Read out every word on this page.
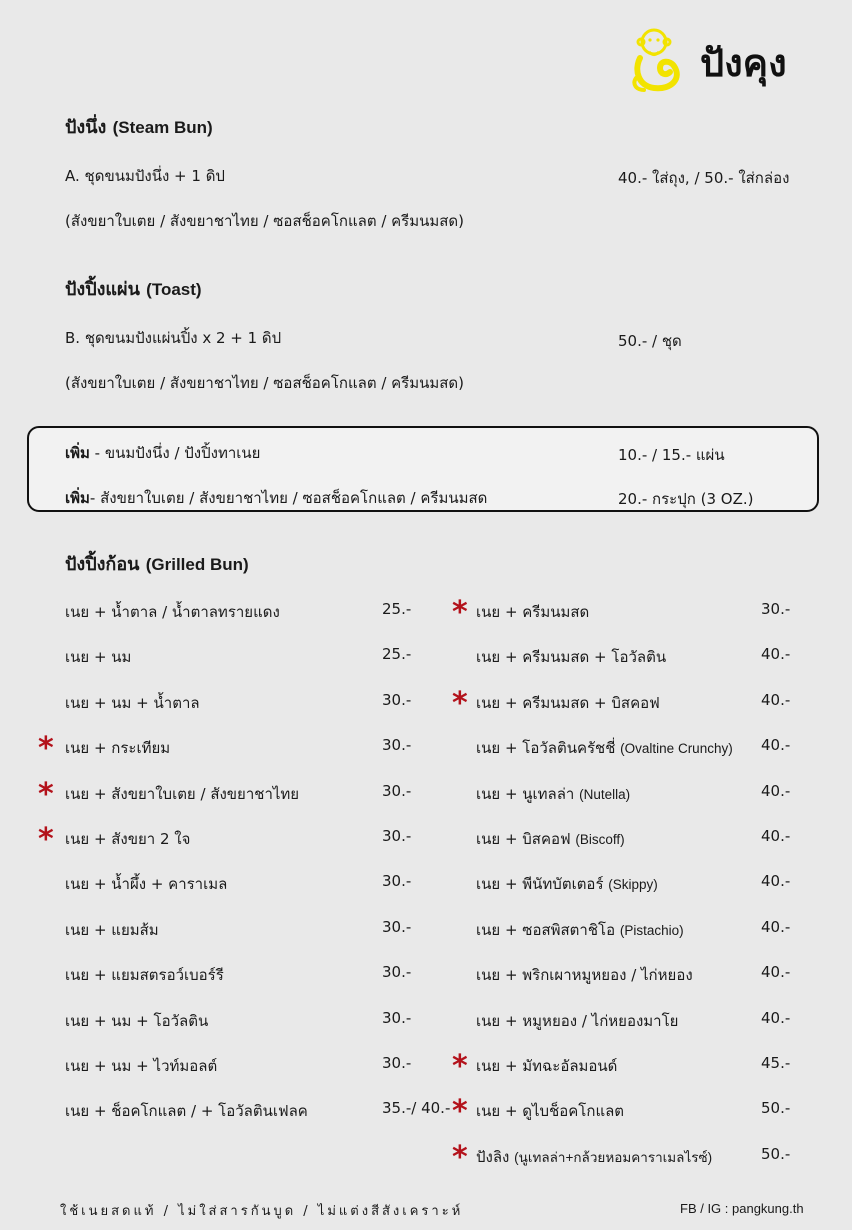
ปังคุง
ปังนึ่ง (Steam Bun)
A. ชุดขนมปังนึ่ง + 1 ดิป	40.- ใส่ถุง, / 50.- ใส่กล่อง
(สังขยาใบเตย / สังขยาชาไทย / ซอสช็อคโกแลต / ครีมนมสด)
ปังปิ้งแผ่น (Toast)
B. ชุดขนมปังแผ่นปิ้ง x 2 + 1 ดิป	50.- / ชุด
(สังขยาใบเตย / สังขยาชาไทย / ซอสช็อคโกแลต / ครีมนมสด)
เพิ่ม - ขนมปังนึ่ง / ปังปิ้งทาเนย	10.- / 15.- แผ่น
เพิ่ม- สังขยาใบเตย / สังขยาชาไทย / ซอสช็อคโกแลต / ครีมนมสด	20.- กระปุก (3 OZ.)
ปังปิ้งก้อน (Grilled Bun)
เนย + น้ำตาล / น้ำตาลทรายแดง	25.-
เนย + นม	25.-
เนย + นม + น้ำตาล	30.-
เนย + กระเทียม	30.-
*
เนย + สังขยาใบเตย / สังขยาชาไทย	30.-
*
เนย + สังขยา 2 ใจ	30.-
*
เนย + น้ำผึ้ง + คาราเมล	30.-
เนย + แยมส้ม	30.-
เนย + แยมสตรอว์เบอร์รี	30.-
เนย + นม + โอวัลติน	30.-
เนย + นม + ไวท์มอลต์	30.-
เนย + ช็อคโกแลต / + โอวัลตินเฟลค	35.-/ 40.-
เนย + ครีมนมสด	30.-
*
เนย + ครีมนมสด + โอวัลติน	40.-
เนย + ครีมนมสด + บิสคอฟ	40.-
*
เนย + โอวัลตินครัชชี่ (Ovaltine Crunchy) 40.-
เนย + นูเทลล่า (Nutella)	40.-
เนย + บิสคอฟ (Biscoff)	40.-
เนย + พีนัทบัตเตอร์ (Skippy)	40.-
เนย + ซอสพิสตาชิโอ (Pistachio)	40.-
เนย + พริกเผาหมูหยอง / ไก่หยอง	40.-
เนย + หมูหยอง / ไก่หยองมาโย	40.-
เนย + มัทฉะอัลมอนด์	45.-
*
เนย + ดูไบช็อคโกแลต	50.-
*
ปังลิง (นูเทลล่า+กล้วยหอมคาราเมลไรซ์)	50.-
*
ใช้เนยสดแท้ / ไม่ใส่สารกันบูด / ไม่แต่งสีสังเคราะห์	FB / IG : pangkung.th
